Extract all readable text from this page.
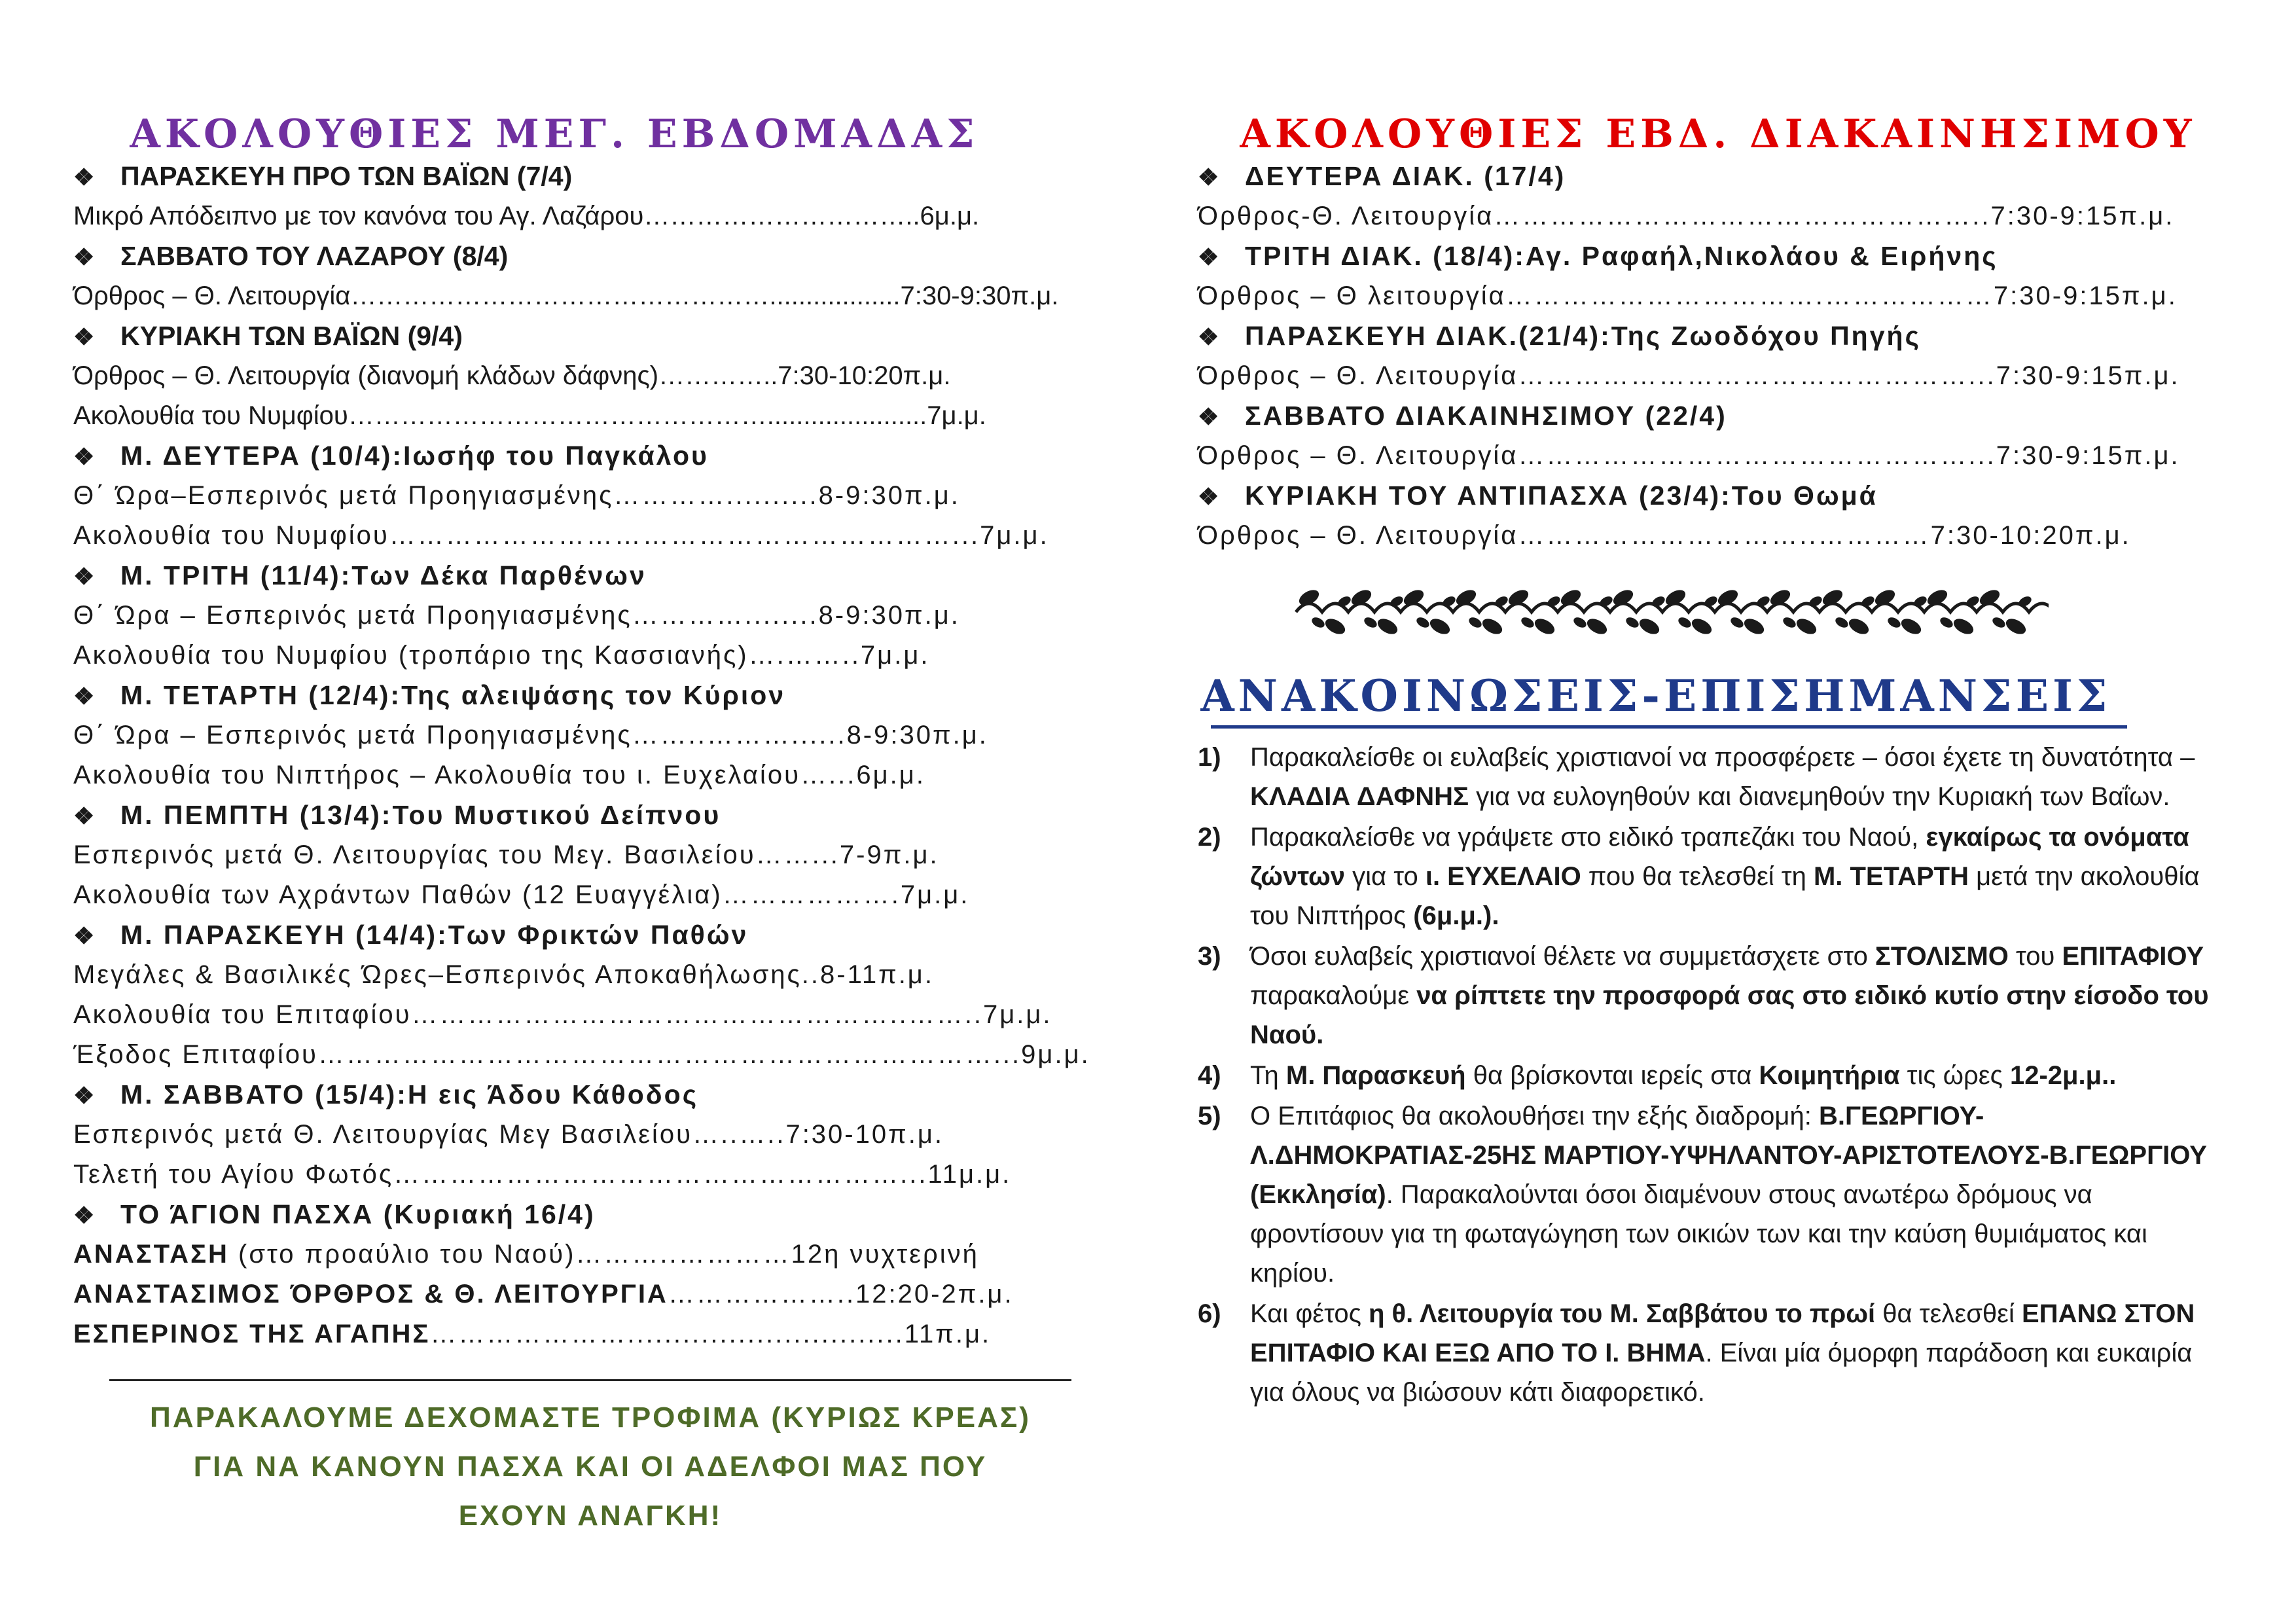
ΑΚΟΛΟΥΘΙΕΣ ΜΕΓ. ΕΒΔΟΜΑΔΑΣ
❖ ΠΑΡΑΣΚΕΥΗ ΠΡΟ ΤΩΝ ΒΑΪΩΝ (7/4)
Μικρό Απόδειπνο με τον κανόνα του Αγ. Λαζάρου…………………………..6μ.μ.
❖ ΣΑΒΒΑΤΟ ΤΟΥ ΛΑΖΑΡΟΥ (8/4)
Όρθρος – Θ. Λειτουργία…………………………………………..................7:30-9:30π.μ.
❖ ΚΥΡΙΑΚΗ ΤΩΝ ΒΑΪΩΝ (9/4)
Όρθρος – Θ. Λειτουργία (διανομή κλάδων δάφνης)…………..7:30-10:20π.μ.
Ακολουθία του Νυμφίου…………………………………………......................7μ.μ.
❖ Μ. ΔΕΥΤΕΡΑ (10/4):Ιωσήφ του Παγκάλου
Θ΄ Ώρα–Εσπερινός μετά Προηγιασμένης…………..........8-9:30π.μ.
Ακολουθία του Νυμφίου……………………………………………………...7μ.μ.
❖ Μ. ΤΡΙΤΗ (11/4):Των Δέκα Παρθένων
Θ΄ Ώρα – Εσπερινός μετά Προηγιασμένης…………........8-9:30π.μ.
Ακολουθία του Νυμφίου (τροπάριο της Κασσιανής)….……..7μ.μ.
❖ Μ. ΤΕΤΑΡΤΗ (12/4):Της αλειψάσης τον Κύριον
Θ΄ Ώρα – Εσπερινός μετά Προηγιασμένης……..………......8-9:30π.μ.
Ακολουθία του Νιπτήρος – Ακολουθία του ι. Ευχελαίου…...6μ.μ.
❖ Μ. ΠΕΜΠΤΗ (13/4):Του Μυστικού Δείπνου
Εσπερινός μετά Θ. Λειτουργίας του Μεγ. Βασιλείου……...7-9π.μ.
Ακολουθία των Αχράντων Παθών (12 Ευαγγέλια)……………….7μ.μ.
❖ Μ. ΠΑΡΑΣΚΕΥΗ (14/4):Των Φρικτών Παθών
Μεγάλες & Βασιλικές Ώρες–Εσπερινός Αποκαθήλωσης..8-11π.μ.
Ακολουθία του Επιταφίου……………………………………………..……..7μ.μ.
Έξοδος Επιταφίου………………………………………………………………...9μ.μ.
❖ Μ. ΣΑΒΒΑΤΟ (15/4):Η εις Άδου Κάθοδος
Εσπερινός μετά Θ. Λειτουργίας Μεγ Βασιλείου…..…..7:30-10π.μ.
Τελετή του Αγίου Φωτός………………………………………………...11μ.μ.
❖ ΤΟ ΆΓΙΟΝ ΠΑΣΧΑ (Κυριακή 16/4)
ΑΝΑΣΤΑΣΗ (στο προαύλιο του Ναού)………..…………12η νυχτερινή
ΑΝΑΣΤΑΣΙΜΟΣ ΌΡΘΡΟΣ & Θ. ΛΕΙΤΟΥΡΓΙΑ………………..12:20-2π.μ.
ΕΣΠΕΡΙΝΟΣ ΤΗΣ ΑΓΑΠΗΣ…………………..............................11π.μ.
ΠΑΡΑΚΑΛΟΥΜΕ ΔΕΧΟΜΑΣΤΕ ΤΡΟΦΙΜΑ (ΚΥΡΙΩΣ ΚΡΕΑΣ)
ΓΙΑ ΝΑ ΚΑΝΟΥΝ ΠΑΣΧΑ ΚΑΙ ΟΙ ΑΔΕΛΦΟΙ ΜΑΣ ΠΟΥ
ΕΧΟΥΝ ΑΝΑΓΚΗ!
ΑΚΟΛΟΥΘΙΕΣ ΕΒΔ. ΔΙΑΚΑΙΝΗΣΙΜΟΥ
❖ ΔΕΥΤΕΡΑ ΔΙΑΚ. (17/4)
Όρθρος-Θ. Λειτουργία……………………………………………..7:30-9:15π.μ.
❖ ΤΡΙΤΗ ΔΙΑΚ. (18/4):Αγ. Ραφαήλ,Νικολάου & Ειρήνης
Όρθρος – Θ λειτουργία…………………………….………………7:30-9:15π.μ.
❖ ΠΑΡΑΣΚΕΥΗ ΔΙΑΚ.(21/4):Της Ζωοδόχου Πηγής
Όρθρος – Θ. Λειτουργία…………………………………………...7:30-9:15π.μ.
❖ ΣΑΒΒΑΤΟ ΔΙΑΚΑΙΝΗΣΙΜΟΥ (22/4)
Όρθρος – Θ. Λειτουργία…………………………………………...7:30-9:15π.μ.
❖ ΚΥΡΙΑΚΗ ΤΟΥ ΑΝΤΙΠΑΣΧΑ (23/4):Του Θωμά
Όρθρος – Θ. Λειτουργία…………………………..…………7:30-10:20π.μ.
ΑΝΑΚΟΙΝΩΣΕΙΣ-ΕΠΙΣΗΜΑΝΣΕΙΣ
1)	Παρακαλείσθε οι ευλαβείς χριστιανοί να προσφέρετε – όσοι έχετε τη δυνατότητα – ΚΛΑΔΙΑ ΔΑΦΝΗΣ για να ευλογηθούν και διανεμηθούν την Κυριακή των Βαΐων.
2)	Παρακαλείσθε να γράψετε στο ειδικό τραπεζάκι του Ναού, εγκαίρως τα ονόματα ζώντων για το ι. ΕΥΧΕΛΑΙΟ που θα τελεσθεί τη Μ. ΤΕΤΑΡΤΗ μετά την ακολουθία του Νιπτήρος (6μ.μ.).
3)	Όσοι ευλαβείς χριστιανοί θέλετε να συμμετάσχετε στο ΣΤΟΛΙΣΜΟ του ΕΠΙΤΑΦΙΟΥ παρακαλούμε να ρίπτετε την προσφορά σας στο ειδικό κυτίο στην είσοδο του Ναού.
4)	Τη Μ. Παρασκευή θα βρίσκονται ιερείς στα Κοιμητήρια τις ώρες 12-2μ.μ..
5)	Ο Επιτάφιος θα ακολουθήσει την εξής διαδρομή: Β.ΓΕΩΡΓΙΟΥ-Λ.ΔΗΜΟΚΡΑΤΙΑΣ-25ΗΣ ΜΑΡΤΙΟΥ-ΥΨΗΛΑΝΤΟΥ-ΑΡΙΣΤΟΤΕΛΟΥΣ-Β.ΓΕΩΡΓΙΟΥ (Εκκλησία). Παρακαλούνται όσοι διαμένουν στους ανωτέρω δρόμους να φροντίσουν για τη φωταγώγηση των οικιών των και την καύση θυμιάματος και κηρίου.
6)	Και φέτος η θ. Λειτουργία του Μ. Σαββάτου το πρωί θα τελεσθεί ΕΠΑΝΩ ΣΤΟΝ ΕΠΙΤΑΦΙΟ ΚΑΙ ΕΞΩ ΑΠΟ ΤΟ Ι. ΒΗΜΑ. Είναι μία όμορφη παράδοση και ευκαιρία για όλους να βιώσουν κάτι διαφορετικό.
